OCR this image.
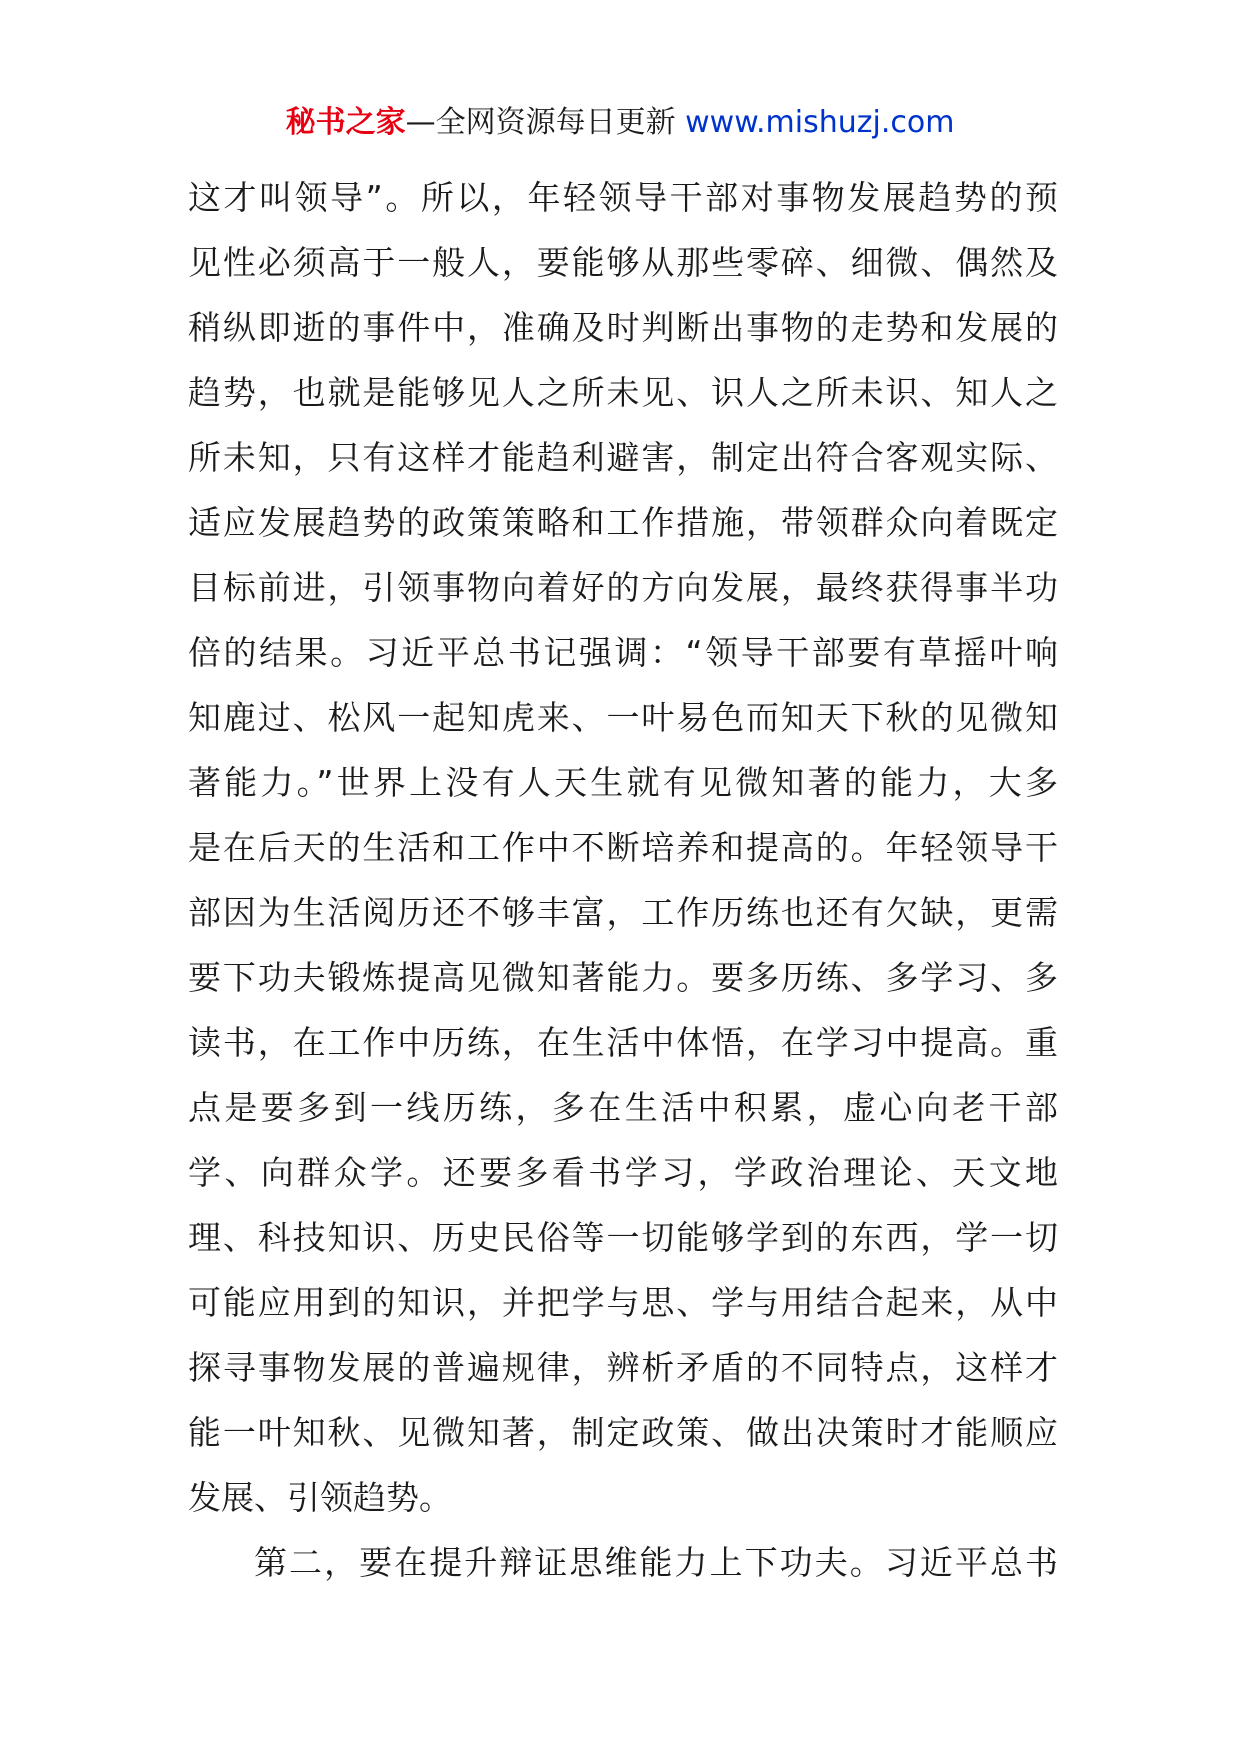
秘书之家—全网资源每日更新 www.mishuzj.com
这才叫领导”。所以，年轻领导干部对事物发展趋势的预
见性必须高于一般人，要能够从那些零碎、细微、偶然及
稍纵即逝的事件中，准确及时判断出事物的走势和发展的
趋势，也就是能够见人之所未见、识人之所未识、知人之
所未知，只有这样才能趋利避害，制定出符合客观实际、
适应发展趋势的政策策略和工作措施，带领群众向着既定
目标前进，引领事物向着好的方向发展，最终获得事半功
倍的结果。习近平总书记强调：“领导干部要有草摇叶响
知鹿过、松风一起知虎来、一叶易色而知天下秋的见微知
著能力。”世界上没有人天生就有见微知著的能力，大多
是在后天的生活和工作中不断培养和提高的。年轻领导干
部因为生活阅历还不够丰富，工作历练也还有欠缺，更需
要下功夫锻炼提高见微知著能力。要多历练、多学习、多
读书，在工作中历练，在生活中体悟，在学习中提高。重
点是要多到一线历练，多在生活中积累，虚心向老干部
学、向群众学。还要多看书学习，学政治理论、天文地
理、科技知识、历史民俗等一切能够学到的东西，学一切
可能应用到的知识，并把学与思、学与用结合起来，从中
探寻事物发展的普遍规律，辨析矛盾的不同特点，这样才
能一叶知秋、见微知著，制定政策、做出决策时才能顺应
发展、引领趋势。
第二，要在提升辩证思维能力上下功夫。习近平总书
